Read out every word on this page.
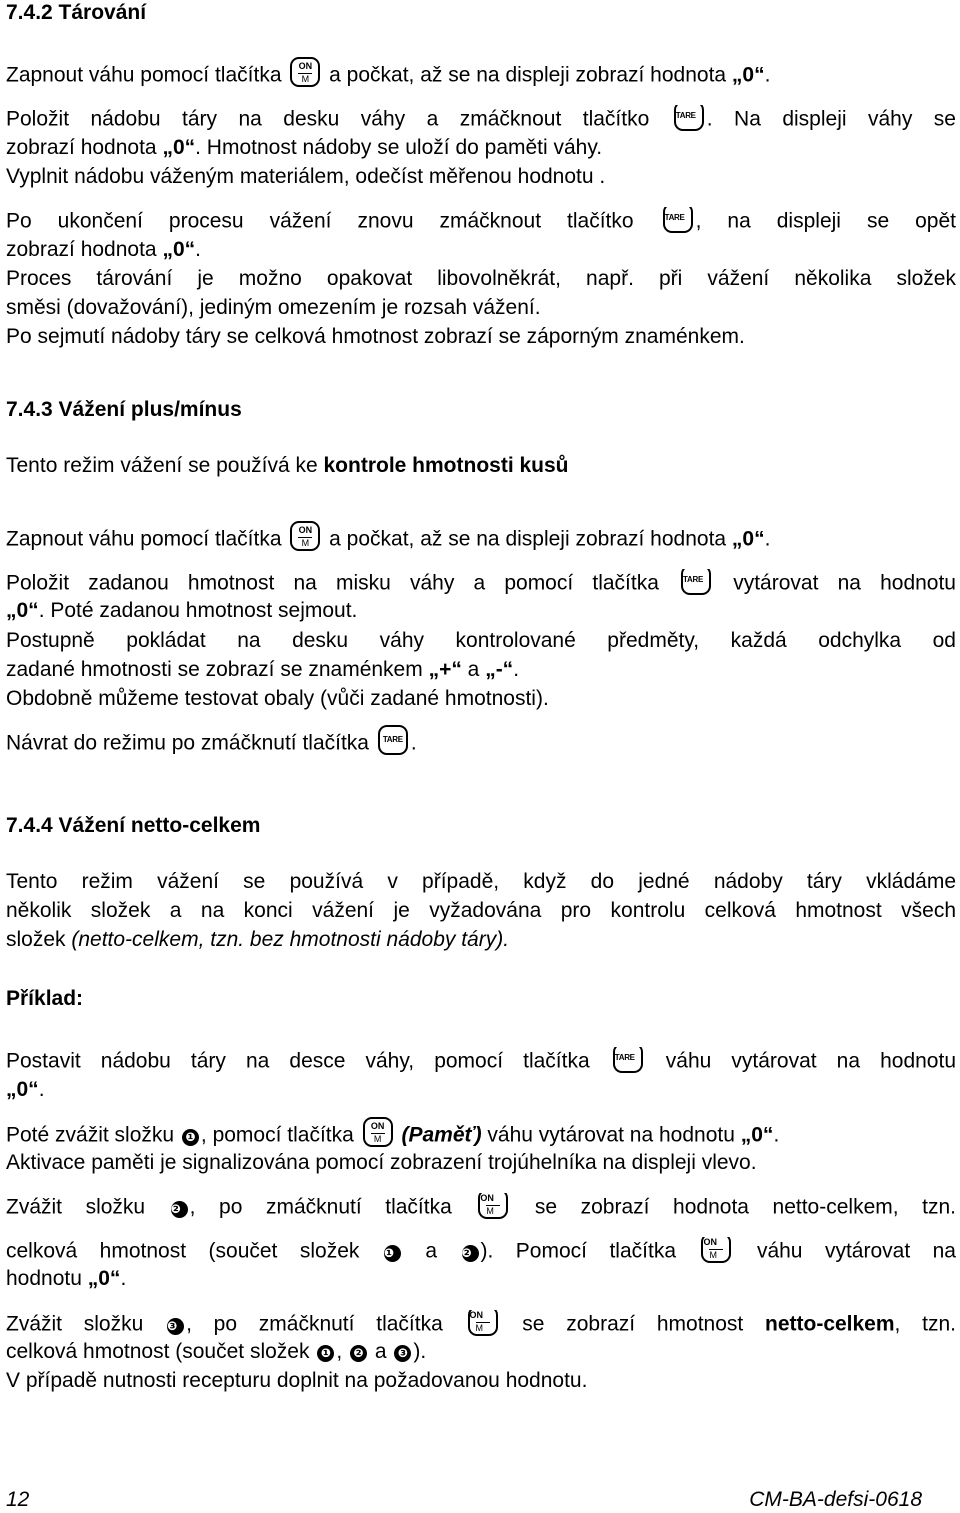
7.4.2 Tárování
Zapnout váhu pomocí tlačítka ON M a počkat, až se na displeji zobrazí hodnota „0“.
Položit nádobu táry na desku váhy a zmáčknout tlačítko TARE. Na displeji váhy se
zobrazí hodnota „0“. Hmotnost nádoby se uloží do paměti váhy.
Vyplnit nádobu váženým materiálem, odečíst měřenou hodnotu .
Po ukončení procesu vážení znovu zmáčknout tlačítko TARE, na displeji se opět
zobrazí hodnota „0“.
Proces tárování je možno opakovat libovolněkrát, např. při vážení několika složek
směsi (dovažování), jediným omezením je rozsah vážení.
Po sejmutí nádoby táry se celková hmotnost zobrazí se záporným znaménkem.
7.4.3 Vážení plus/mínus
Tento režim vážení se používá ke kontrole hmotnosti kusů
Zapnout váhu pomocí tlačítka ON M a počkat, až se na displeji zobrazí hodnota „0“.
Položit zadanou hmotnost na misku váhy a pomocí tlačítka TARE vytárovat na hodnotu
„0“. Poté zadanou hmotnost sejmout.
Postupně pokládat na desku váhy kontrolované předměty, každá odchylka od
zadané hmotnosti se zobrazí se znaménkem „+“ a „-“.
Obdobně můžeme testovat obaly (vůči zadané hmotnosti).
Návrat do režimu po zmáčknutí tlačítka TARE.
7.4.4 Vážení netto-celkem
Tento režim vážení se používá v případě, když do jedné nádoby táry vkládáme
několik složek a na konci vážení je vyžadována pro kontrolu celková hmotnost všech
složek (netto-celkem, tzn. bez hmotnosti nádoby táry).
Příklad:
Postavit nádobu táry na desce váhy, pomocí tlačítka TARE váhu vytárovat na hodnotu
„0“.
Poté zvážit složku ❶ , pomocí tlačítka ON M (Paměť) váhu vytárovat na hodnotu „0“.
Aktivace paměti je signalizována pomocí zobrazení trojúhelníka na displeji vlevo.
Zvážit složku ❷ , po zmáčknutí tlačítka ON M se zobrazí hodnota netto-celkem, tzn.
celková hmotnost (součet složek ❶ a ❷ ). Pomocí tlačítka ON M váhu vytárovat na
hodnotu „0“.
Zvážit složku ❸ , po zmáčknutí tlačítka ON M se zobrazí hmotnost netto-celkem, tzn.
celková hmotnost (součet složek ❶ , ❷ a ❸ ).
V případě nutnosti recepturu doplnit na požadovanou hodnotu.
12	CM-BA-defsi-0618
